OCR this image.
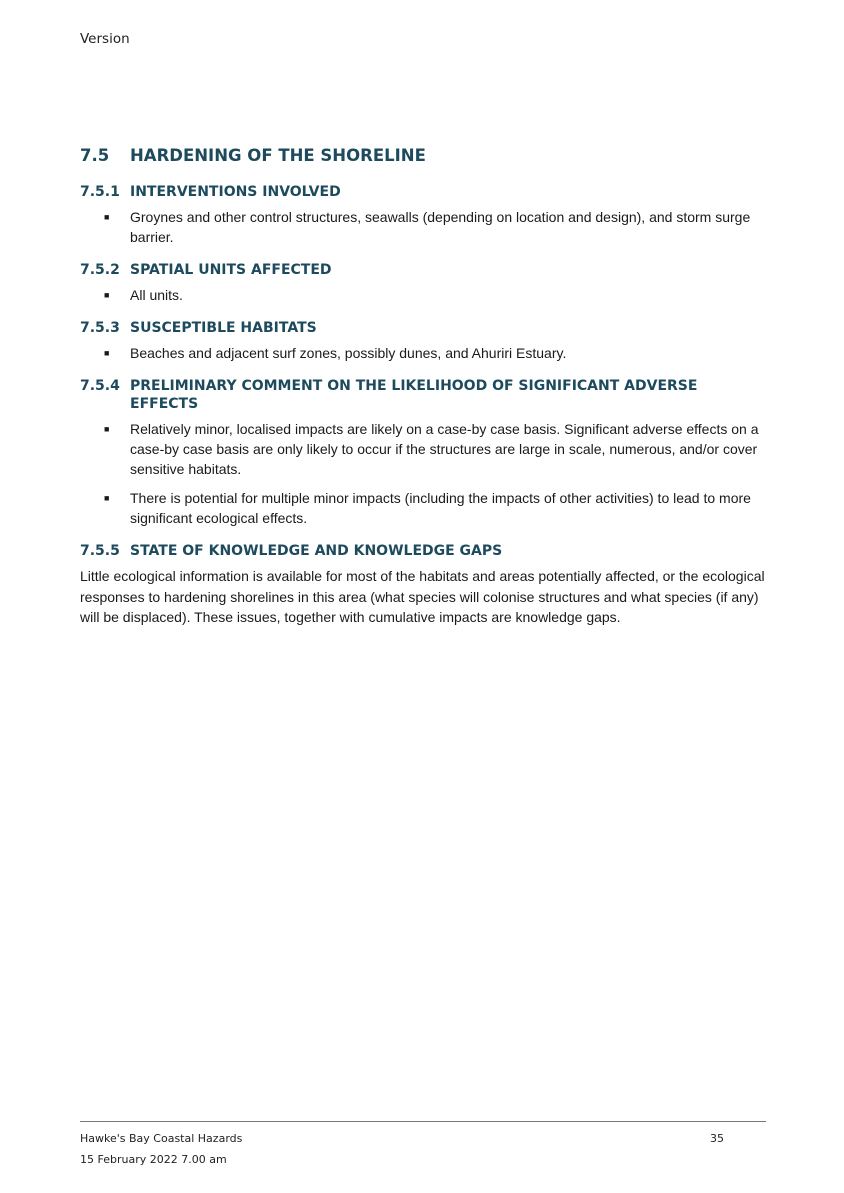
Version
7.5	HARDENING OF THE SHORELINE
7.5.1 INTERVENTIONS INVOLVED
■	Groynes and other control structures, seawalls (depending on location and design), and storm surge barrier.
7.5.2 SPATIAL UNITS AFFECTED
■	All units.
7.5.3 SUSCEPTIBLE HABITATS
■	Beaches and adjacent surf zones, possibly dunes, and Ahuriri Estuary.
7.5.4 PRELIMINARY COMMENT ON THE LIKELIHOOD OF SIGNIFICANT ADVERSE EFFECTS
■	Relatively minor, localised impacts are likely on a case-by case basis. Significant adverse effects on a case-by case basis are only likely to occur if the structures are large in scale, numerous, and/or cover sensitive habitats.
■	There is potential for multiple minor impacts (including the impacts of other activities) to lead to more significant ecological effects.
7.5.5 STATE OF KNOWLEDGE AND KNOWLEDGE GAPS

Little ecological information is available for most of the habitats and areas potentially affected, or the ecological responses to hardening shorelines in this area (what species will colonise structures and what species (if any) will be displaced). These issues, together with cumulative impacts are knowledge gaps.

Hawke's Bay Coastal Hazards
15 February 2022 7.00 am
35
